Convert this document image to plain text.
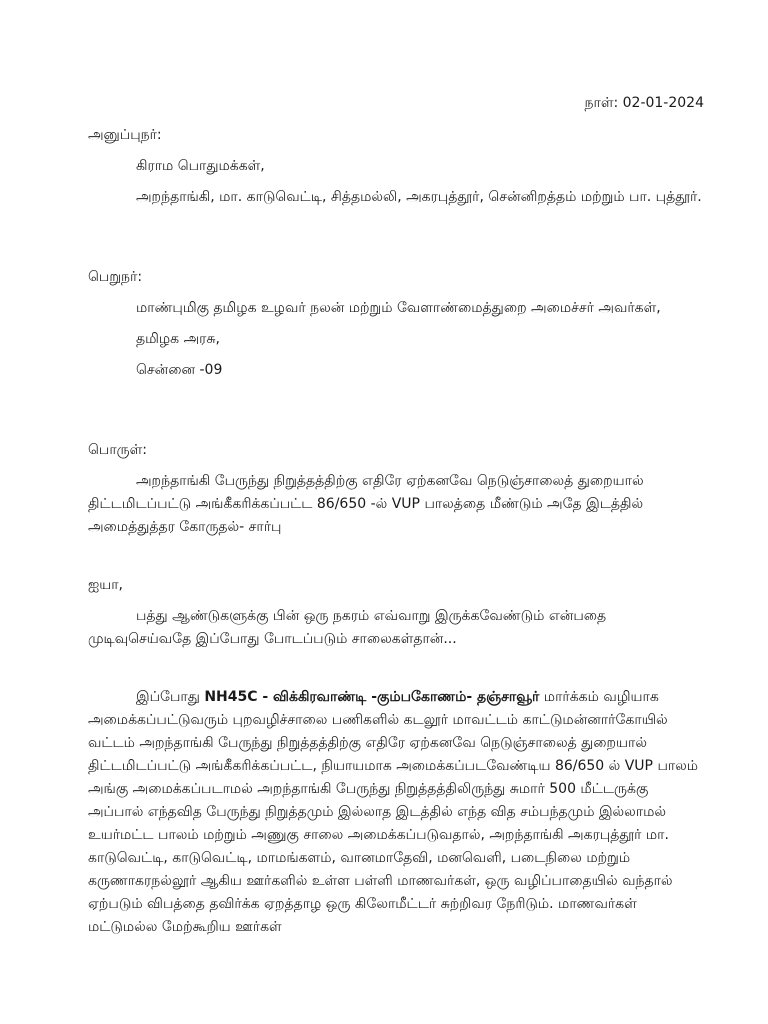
நாள்: 02-01-2024

அனுப்புநர்:

கிராம பொதுமக்கள்,

அறந்தாங்கி, மா. காடுவெட்டி, சித்தமல்லி, அகரபுத்தூர், சென்னிறத்தம் மற்றும் பா. புத்தூர்.

பெறுநர்:

மாண்புமிகு தமிழக உழவர் நலன் மற்றும் வேளாண்மைத்துறை அமைச்சர் அவர்கள்,

தமிழக அரசு,

சென்னை -09

பொருள்:

அறந்தாங்கி பேருந்து நிறுத்தத்திற்கு எதிரே ஏற்கனவே நெடுஞ்சாலைத் துறையால் திட்டமிடப்பட்டு அங்கீகரிக்கப்பட்ட 86/650 -ல் VUP பாலத்தை மீண்டும் அதே இடத்தில் அமைத்துத்தர கோருதல்- சார்பு

ஐயா,

பத்து ஆண்டுகளுக்கு பின் ஒரு நகரம் எவ்வாறு இருக்கவேண்டும் என்பதை முடிவுசெய்வதே இப்போது போடப்படும் சாலைகள்தான்...

இப்போது NH45C - விக்கிரவாண்டி -கும்பகோணம்- தஞ்சாவூர் மார்க்கம் வழியாக அமைக்கப்பட்டுவரும் புறவழிச்சாலை பணிகளில் கடலூர் மாவட்டம் காட்டுமன்னார்கோயில் வட்டம் அறந்தாங்கி பேருந்து நிறுத்தத்திற்கு எதிரே ஏற்கனவே நெடுஞ்சாலைத் துறையால் திட்டமிடப்பட்டு அங்கீகரிக்கப்பட்ட, நியாயமாக அமைக்கப்படவேண்டிய 86/650 ல் VUP பாலம் அங்கு அமைக்கப்படாமல் அறந்தாங்கி பேருந்து நிறுத்தத்திலிருந்து சுமார் 500 மீட்டருக்கு அப்பால் எந்தவித பேருந்து நிறுத்தமும் இல்லாத இடத்தில் எந்த வித சம்பந்தமும் இல்லாமல் உயர்மட்ட பாலம் மற்றும் அணுகு சாலை அமைக்கப்படுவதால், அறந்தாங்கி அகரபுத்தூர் மா. காடுவெட்டி, காடுவெட்டி, மாமங்களம், வானமாதேவி, மனவெளி, படைநிலை மற்றும் கருணாகரநல்லூர் ஆகிய ஊர்களில் உள்ள பள்ளி மாணவர்கள், ஒரு வழிப்பாதையில் வந்தால் ஏற்படும் விபத்தை தவிர்க்க ஏறத்தாழ ஒரு கிலோமீட்டர் சுற்றிவர நேரிடும். மாணவர்கள் மட்டுமல்ல மேற்கூறிய ஊர்கள்
